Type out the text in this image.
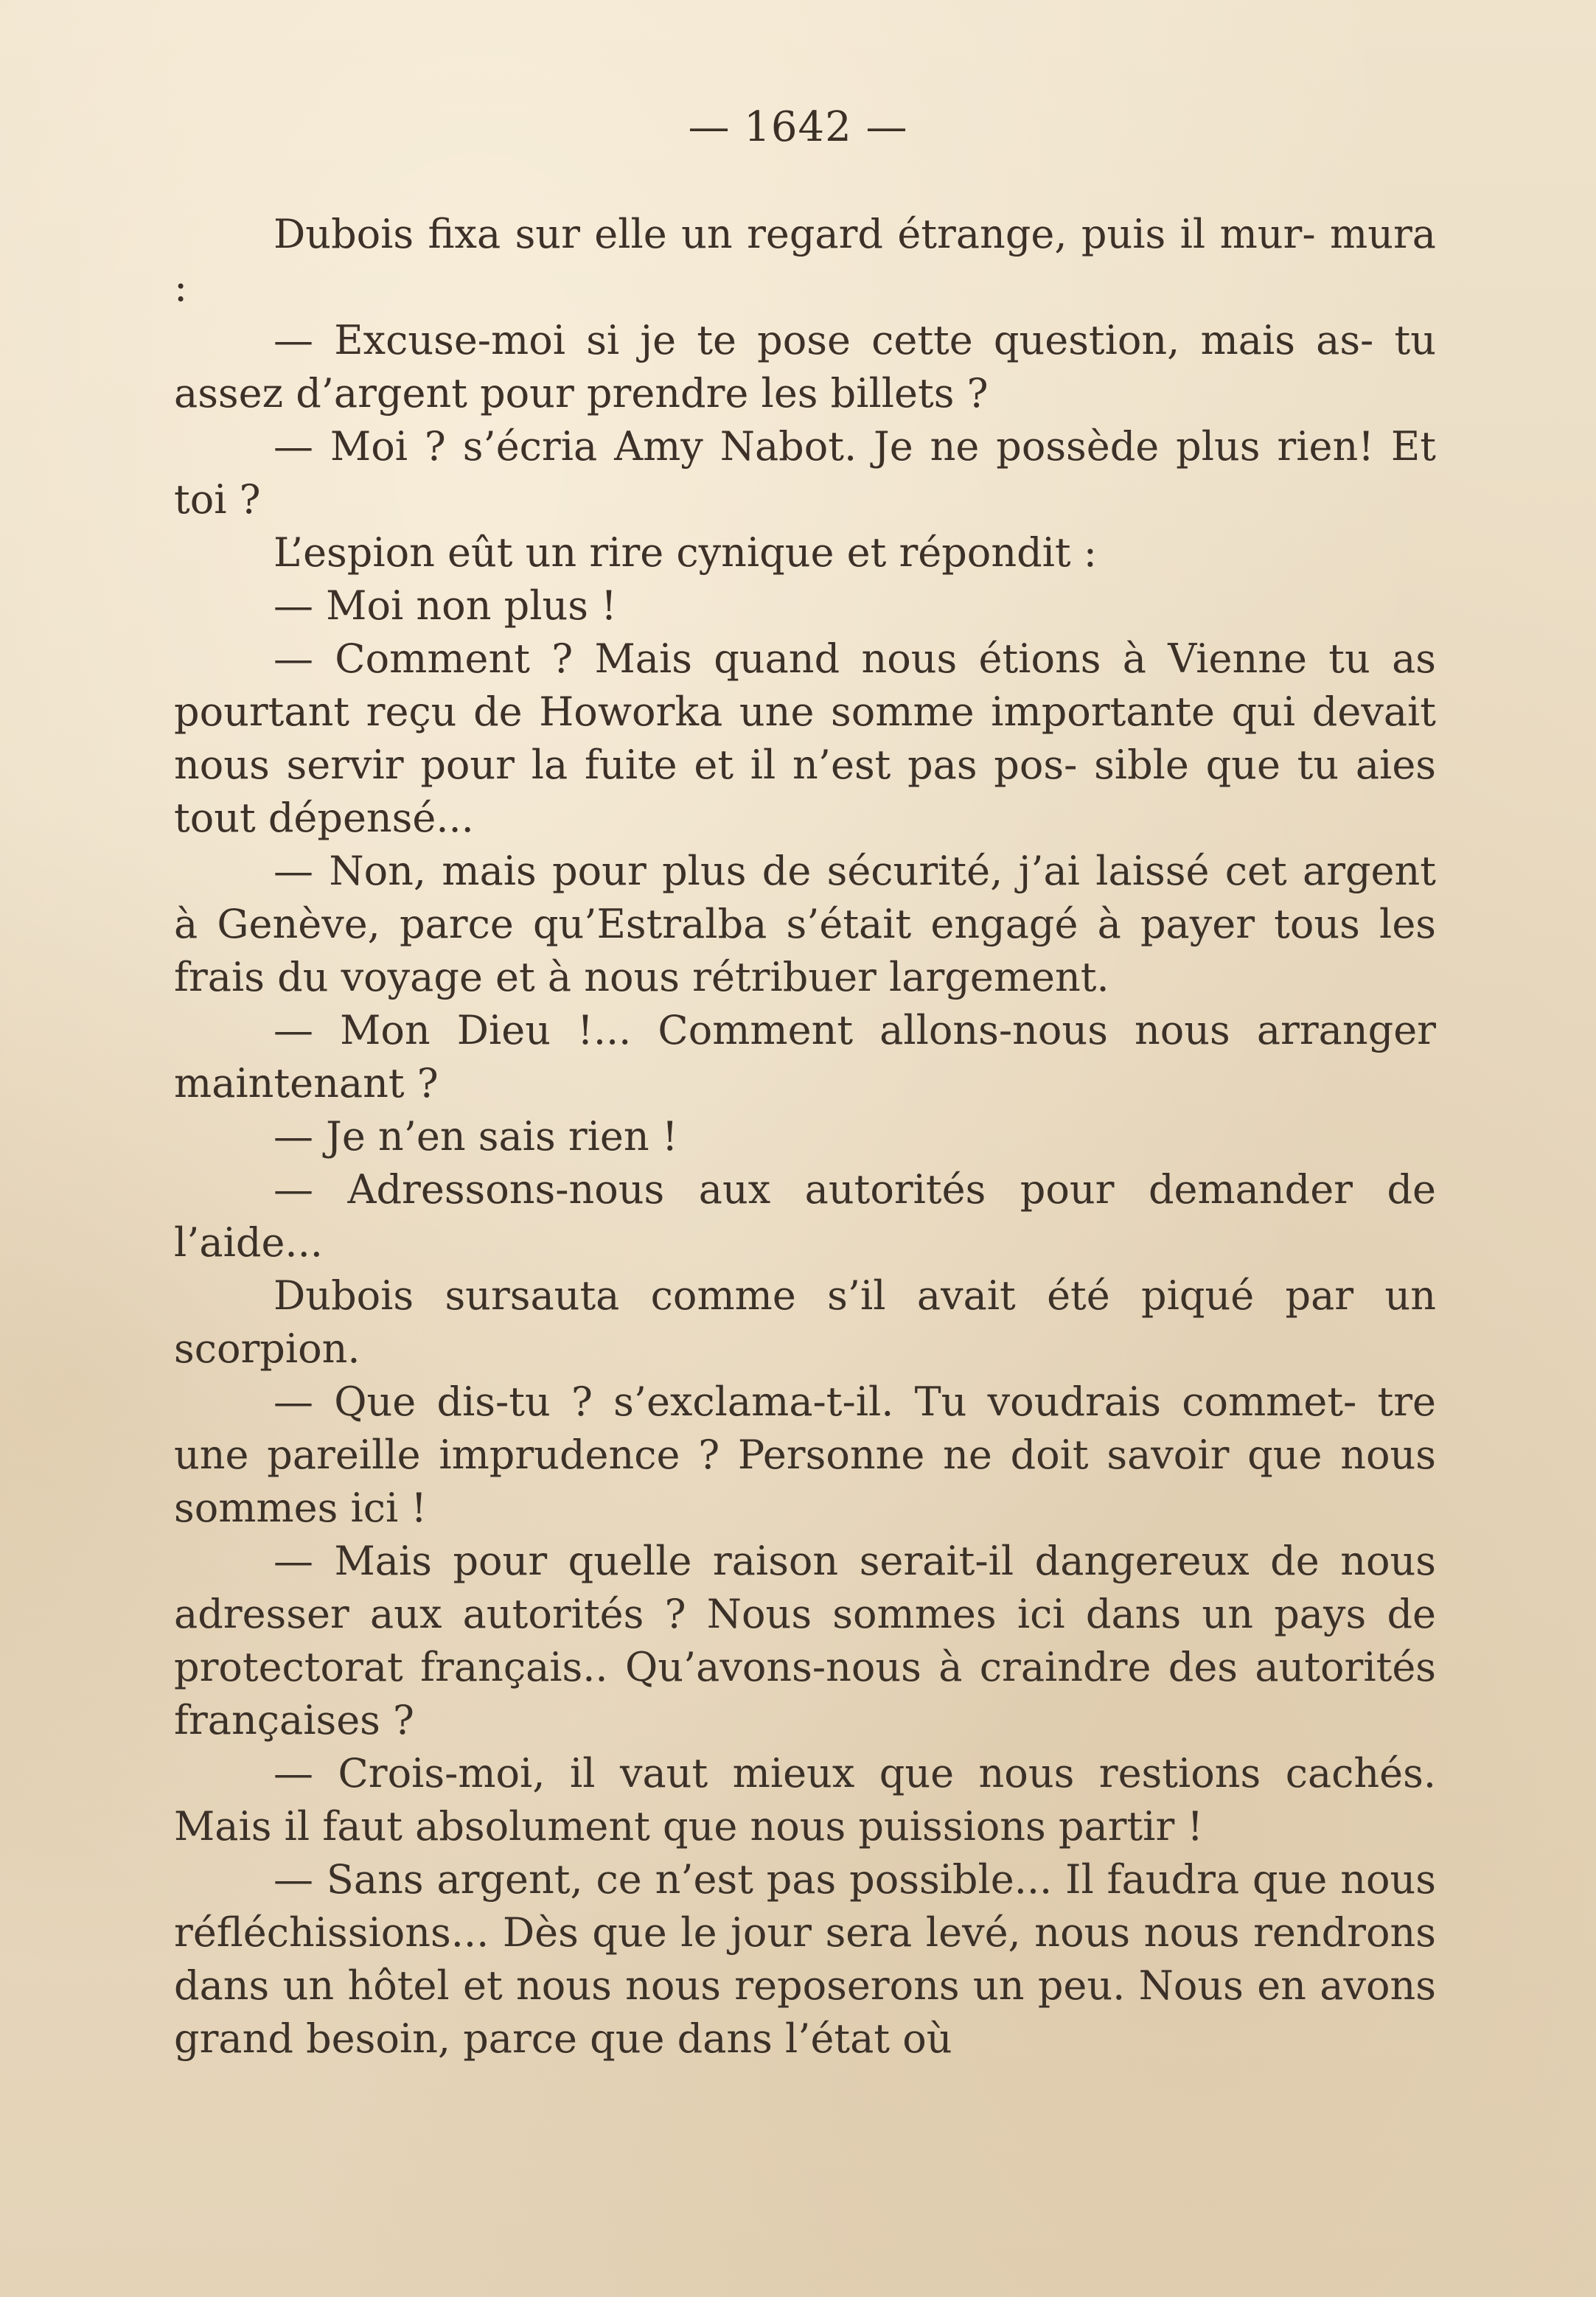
— 1642 —

Dubois fixa sur elle un regard étrange, puis il mur- mura :

— Excuse-moi si je te pose cette question, mais as- tu assez d’argent pour prendre les billets ?

— Moi ? s’écria Amy Nabot. Je ne possède plus rien! Et toi ?

L’espion eût un rire cynique et répondit :

— Moi non plus !

— Comment ? Mais quand nous étions à Vienne tu as pourtant reçu de Howorka une somme importante qui devait nous servir pour la fuite et il n’est pas pos- sible que tu aies tout dépensé...

— Non, mais pour plus de sécurité, j’ai laissé cet argent à Genève, parce qu’Estralba s’était engagé à payer tous les frais du voyage et à nous rétribuer largement.

— Mon Dieu !... Comment allons-nous nous arranger maintenant ?

— Je n’en sais rien !

— Adressons-nous aux autorités pour demander de l’aide...

Dubois sursauta comme s’il avait été piqué par un scorpion.

— Que dis-tu ? s’exclama-t-il. Tu voudrais commet- tre une pareille imprudence ? Personne ne doit savoir que nous sommes ici !

— Mais pour quelle raison serait-il dangereux de nous adresser aux autorités ? Nous sommes ici dans un pays de protectorat français.. Qu’avons-nous à craindre des autorités françaises ?

— Crois-moi, il vaut mieux que nous restions cachés. Mais il faut absolument que nous puissions partir !

— Sans argent, ce n’est pas possible... Il faudra que nous réfléchissions... Dès que le jour sera levé, nous nous rendrons dans un hôtel et nous nous reposerons un peu. Nous en avons grand besoin, parce que dans l’état où
